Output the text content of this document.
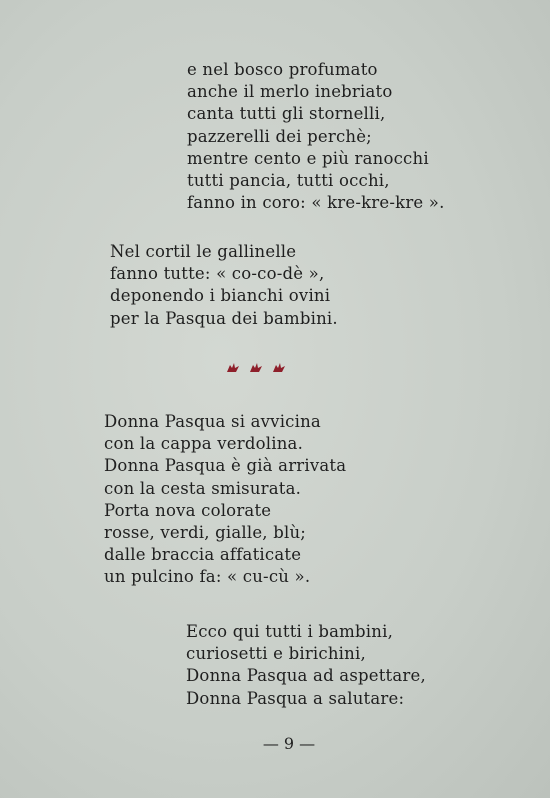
e nel bosco profumato
anche il merlo inebriato
canta tutti gli stornelli,
pazzerelli dei perchè;
mentre cento e più ranocchi
tutti pancia, tutti occhi,
fanno in coro: « kre-kre-kre ».
Nel cortil le gallinelle
fanno tutte: « co-co-dè »,
deponendo i bianchi ovini
per la Pasqua dei bambini.
Donna Pasqua si avvicina
con la cappa verdolina.
Donna Pasqua è già arrivata
con la cesta smisurata.
Porta nova colorate
rosse, verdi, gialle, blù;
dalle braccia affaticate
un pulcino fa: « cu-cù ».
Ecco qui tutti i bambini,
curiosetti e birichini,
Donna Pasqua ad aspettare,
Donna Pasqua a salutare:
— 9 —
